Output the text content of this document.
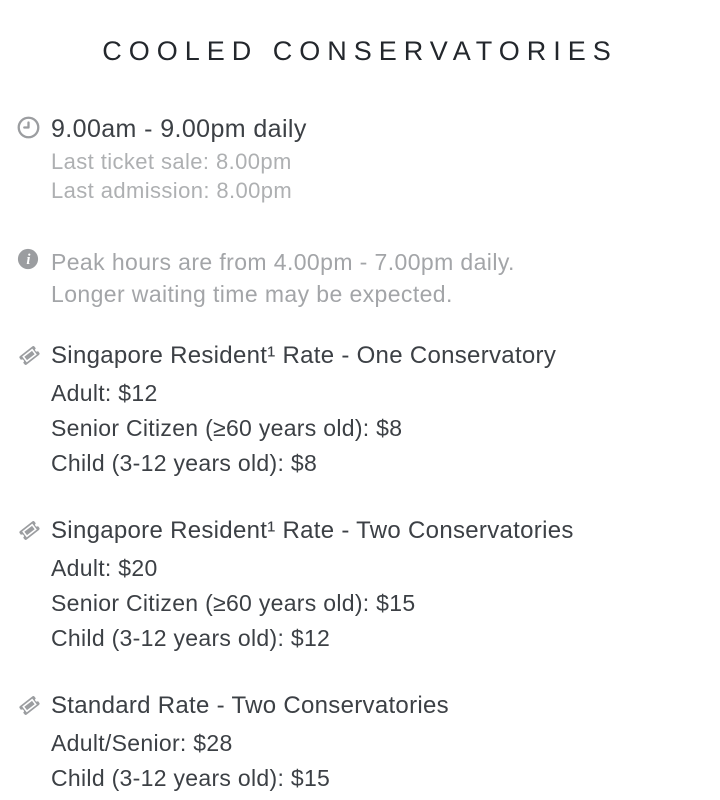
COOLED CONSERVATORIES
9.00am - 9.00pm daily
Last ticket sale: 8.00pm
Last admission: 8.00pm
i Peak hours are from 4.00pm - 7.00pm daily.
Longer waiting time may be expected.
Singapore Resident¹ Rate - One Conservatory
Adult: $12
Senior Citizen (≥60 years old): $8
Child (3-12 years old): $8
Singapore Resident¹ Rate - Two Conservatories
Adult: $20
Senior Citizen (≥60 years old): $15
Child (3-12 years old): $12
Standard Rate - Two Conservatories
Adult/Senior: $28
Child (3-12 years old): $15
